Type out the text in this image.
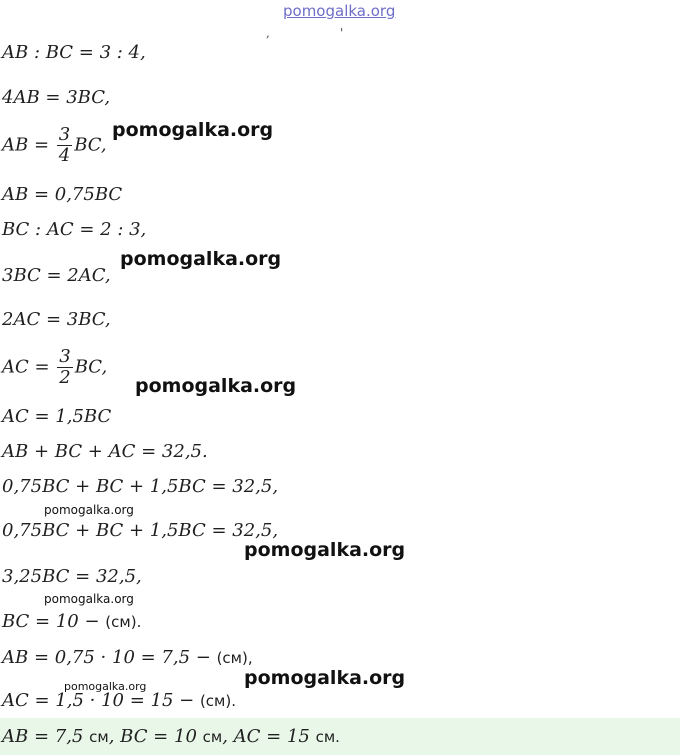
pomogalka.org
,	'
AB : BC = 3 : 4,
4AB = 3BC,
AB = $\frac{3}{4}$ BC,
AB = 0,75BC
BC : AC = 2 : 3,
3BC = 2AC,
2AC = 3BC,
AC = $\frac{3}{2}$ BC,
AC = 1,5BC
AB + BC + AC = 32,5.
0,75BC + BC + 1,5BC = 32,5,
0,75BC + BC + 1,5BC = 32,5,
3,25BC = 32,5,
BC = 10 − (см).
AB = 0,75 · 10 = 7,5 − (см),
AC = 1,5 · 10 = 15 − (см).
AB = 7,5 см, BC = 10 см, AC = 15 см.
pomogalka.org
pomogalka.org
pomogalka.org
pomogalka.org
pomogalka.org
pomogalka.org
pomogalka.org
pomogalka.org
